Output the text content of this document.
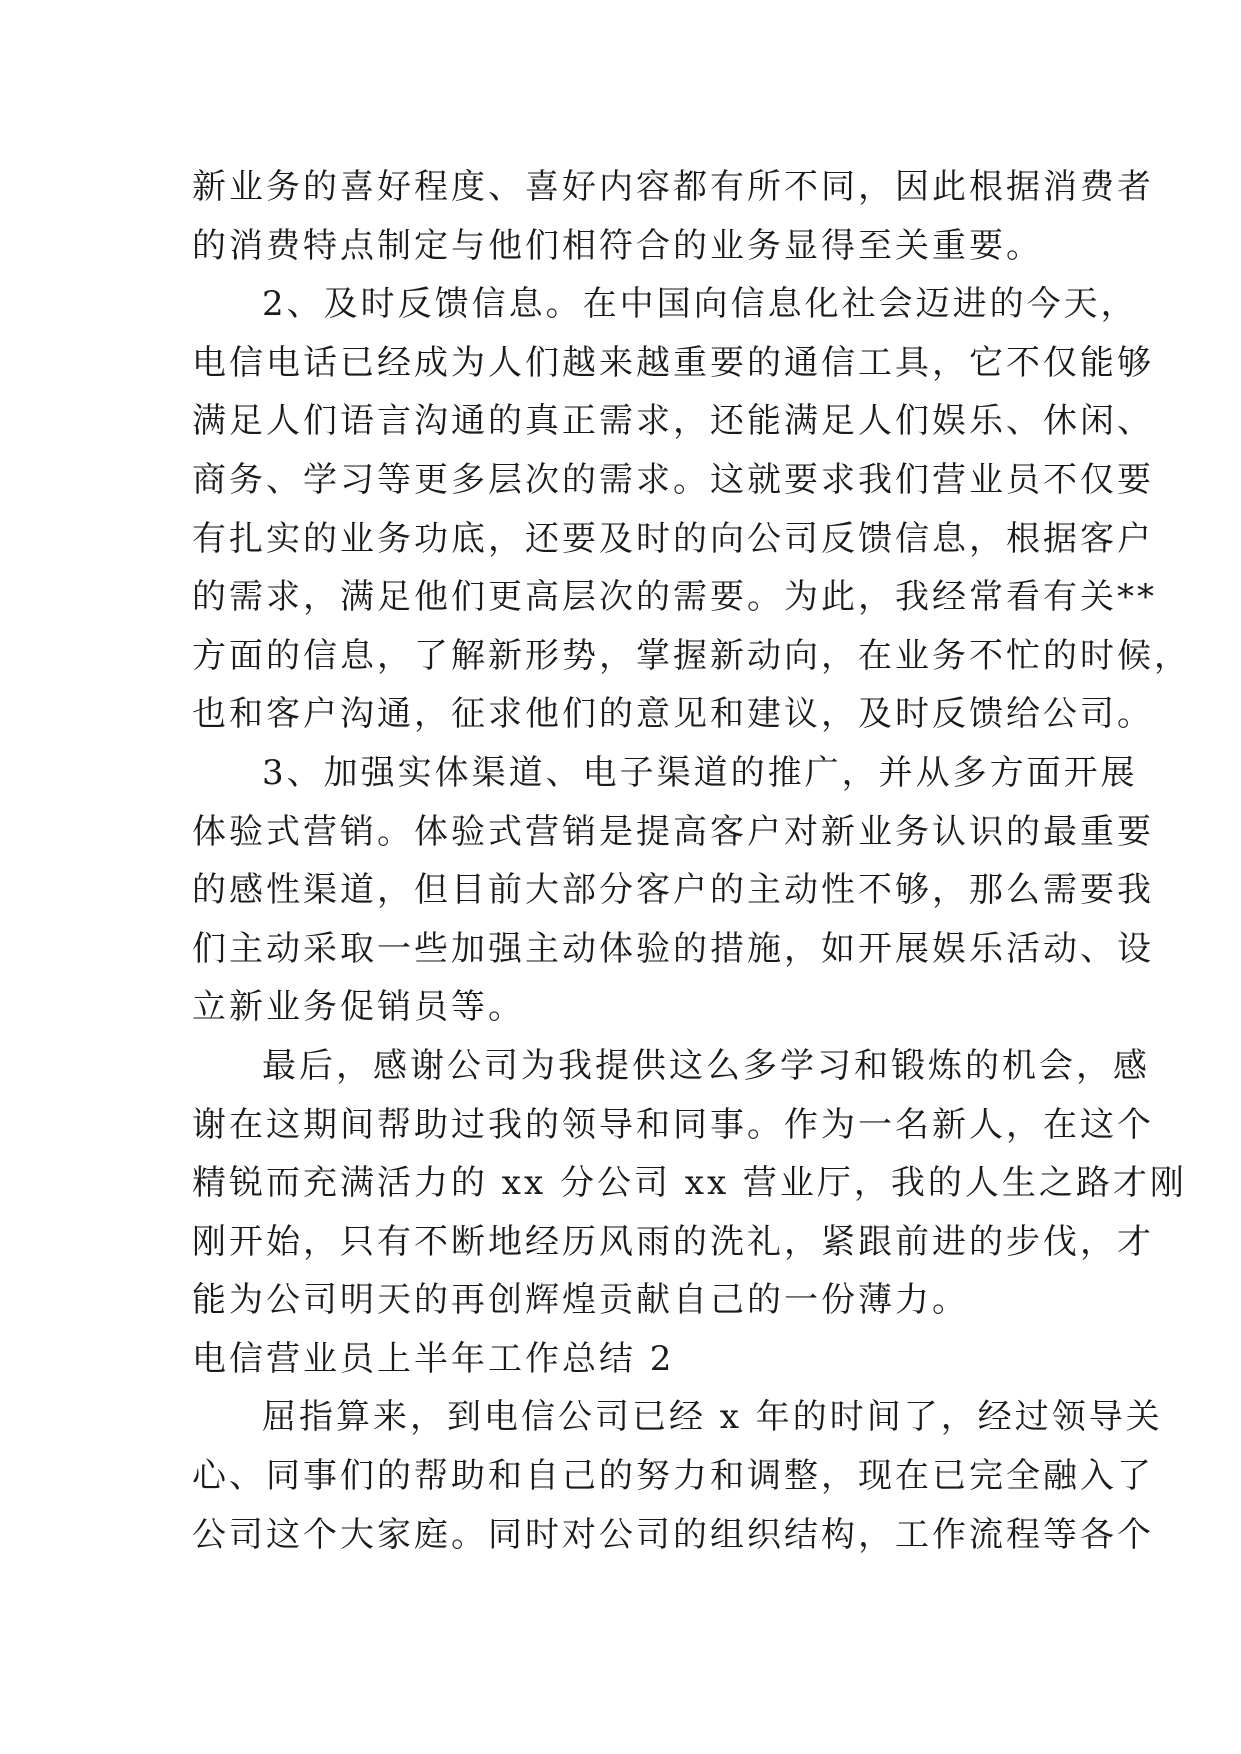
新业务的喜好程度、喜好内容都有所不同，因此根据消费者
的消费特点制定与他们相符合的业务显得至关重要。
2、及时反馈信息。在中国向信息化社会迈进的今天，
电信电话已经成为人们越来越重要的通信工具，它不仅能够
满足人们语言沟通的真正需求，还能满足人们娱乐、休闲、
商务、学习等更多层次的需求。这就要求我们营业员不仅要
有扎实的业务功底，还要及时的向公司反馈信息，根据客户
的需求，满足他们更高层次的需要。为此，我经常看有关**
方面的信息，了解新形势，掌握新动向，在业务不忙的时候，
也和客户沟通，征求他们的意见和建议，及时反馈给公司。
3、加强实体渠道、电子渠道的推广，并从多方面开展
体验式营销。体验式营销是提高客户对新业务认识的最重要
的感性渠道，但目前大部分客户的主动性不够，那么需要我
们主动采取一些加强主动体验的措施，如开展娱乐活动、设
立新业务促销员等。
最后，感谢公司为我提供这么多学习和锻炼的机会，感
谢在这期间帮助过我的领导和同事。作为一名新人，在这个
精锐而充满活力的 xx 分公司 xx 营业厅，我的人生之路才刚
刚开始，只有不断地经历风雨的洗礼，紧跟前进的步伐，才
能为公司明天的再创辉煌贡献自己的一份薄力。
电信营业员上半年工作总结 2
屈指算来，到电信公司已经 x 年的时间了，经过领导关
心、同事们的帮助和自己的努力和调整，现在已完全融入了
公司这个大家庭。同时对公司的组织结构，工作流程等各个
